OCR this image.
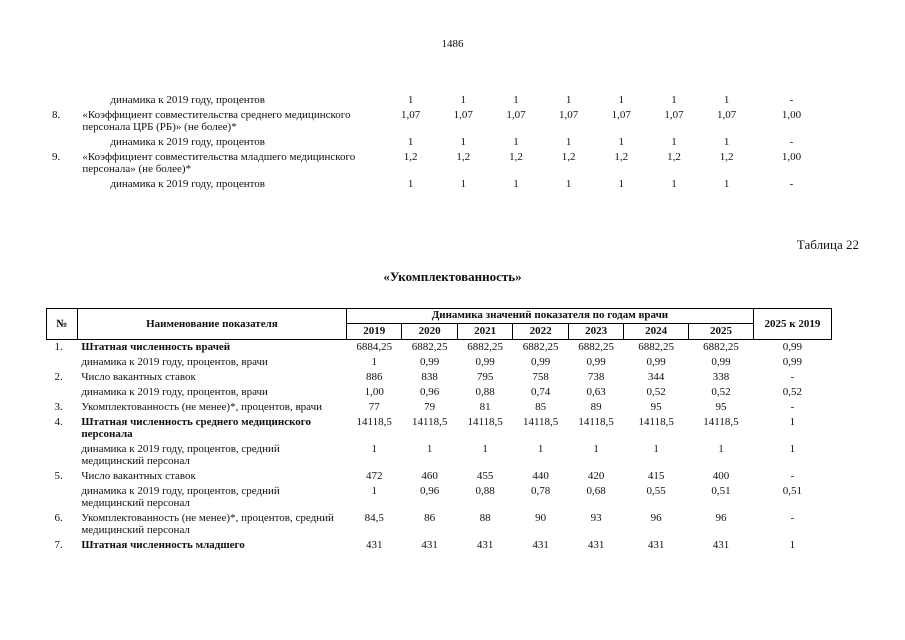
1486
	динамика к 2019 году, процентов	1	1	1	1	1	1	1	-
8.	«Коэффициент совместительства среднего медицинского персонала ЦРБ (РБ)» (не более)*	1,07	1,07	1,07	1,07	1,07	1,07	1,07	1,00
	динамика к 2019 году, процентов	1	1	1	1	1	1	1	-
9.	«Коэффициент совместительства младшего медицинского персонала» (не более)*	1,2	1,2	1,2	1,2	1,2	1,2	1,2	1,00
	динамика к 2019 году, процентов	1	1	1	1	1	1	1	-
Таблица 22
«Укомплектованность»
№	Наименование показателя	Динамика значений показателя по годам врачи							2025 к 2019
		2019	2020	2021	2022	2023	2024	2025	
1.	Штатная численность врачей	6884,25	6882,25	6882,25	6882,25	6882,25	6882,25	6882,25	0,99
	динамика к 2019 году, процентов, врачи	1	0,99	0,99	0,99	0,99	0,99	0,99	0,99
2.	Число вакантных ставок	886	838	795	758	738	344	338	-
	динамика к 2019 году, процентов, врачи	1,00	0,96	0,88	0,74	0,63	0,52	0,52	0,52
3.	Укомплектованность (не менее)*, процентов, врачи	77	79	81	85	89	95	95	-
4.	Штатная численность среднего медицинского персонала	14118,5	14118,5	14118,5	14118,5	14118,5	14118,5	14118,5	1
	динамика к 2019 году, процентов, средний медицинский персонал	1	1	1	1	1	1	1	1
5.	Число вакантных ставок	472	460	455	440	420	415	400	-
	динамика к 2019 году, процентов, средний медицинский персонал	1	0,96	0,88	0,78	0,68	0,55	0,51	0,51
6.	Укомплектованность (не менее)*, процентов, средний медицинский персонал	84,5	86	88	90	93	96	96	-
7.	Штатная численность младшего	431	431	431	431	431	431	431	1
